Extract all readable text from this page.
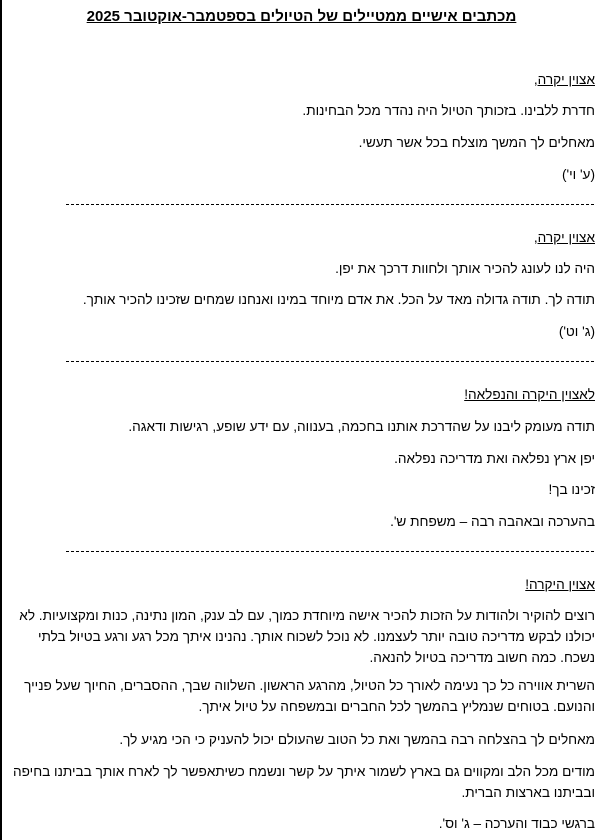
מכתבים אישיים ממטיילים של הטיולים בספטמבר-אוקטובר 2025
אצוין יקרה,
חדרת ללבינו. בזכותך הטיול היה נהדר מכל הבחינות.
מאחלים לך המשך מוצלח בכל אשר תעשי.
(ע' וי')
אצוין יקרה,
היה לנו לעונג להכיר אותך ולחוות דרכך את יפן.
תודה לך. תודה גדולה מאד על הכל. את אדם מיוחד במינו ואנחנו שמחים שזכינו להכיר אותך.
(ג' וט')
לאצוין היקרה והנפלאה!
תודה מעומק ליבנו על שהדרכת אותנו בחכמה, בענווה, עם ידע שופע, רגישות ודאגה.
יפן ארץ נפלאה ואת מדריכה נפלאה.
זכינו בך!
בהערכה ובאהבה רבה – משפחת ש'.
אצוין היקרה!
רוצים להוקיר ולהודות על הזכות להכיר אישה מיוחדת כמוך, עם לב ענק, המון נתינה, כנות ומקצועיות. לא יכולנו לבקש מדריכה טובה יותר לעצמנו. לא נוכל לשכוח אותך. נהנינו איתך מכל רגע ורגע בטיול בלתי נשכח. כמה חשוב מדריכה בטיול להנאה.
השרית אווירה כל כך נעימה לאורך כל הטיול, מהרגע הראשון. השלווה שבך, ההסברים, החיוך שעל פנייך והנועם. בטוחים שנמליץ בהמשך לכל החברים ובמשפחה על טיול איתך.
מאחלים לך בהצלחה רבה בהמשך ואת כל הטוב שהעולם יכול להעניק כי הכי מגיע לך.
מודים מכל הלב ומקווים גם בארץ לשמור איתך על קשר ונשמח כשיתאפשר לך לארח אותך בביתנו בחיפה ובביתנו בארצות הברית.
ברגשי כבוד והערכה – ג' וס'.
